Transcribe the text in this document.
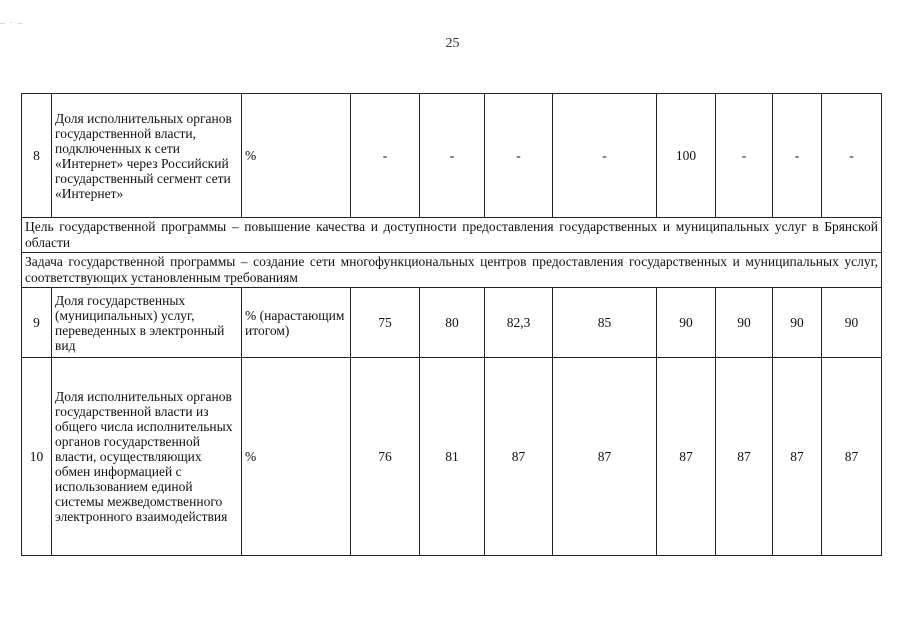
– · –
25
8	Доля исполнительных органов государственной власти, подключенных к сети «Интернет» через Российский государственный сегмент сети «Интернет»	%	-	-	-	-	100	-	-	-
Цель государственной программы – повышение качества и доступности предоставления государственных и муниципальных услуг в Брянской области										
Задача государственной программы – создание сети многофункциональных центров предоставления государственных и муниципальных услуг, соответствующих установленным требованиям										
9	Доля государственных (муниципальных) услуг, переведенных в электронный вид	% (нарастающим итогом)	75	80	82,3	85	90	90	90	90
10	Доля исполнительных органов государственной власти из общего числа исполнительных органов государственной власти, осуществляющих обмен информацией с использованием единой системы межведомственного электронного взаимодействия	%	76	81	87	87	87	87	87	87
